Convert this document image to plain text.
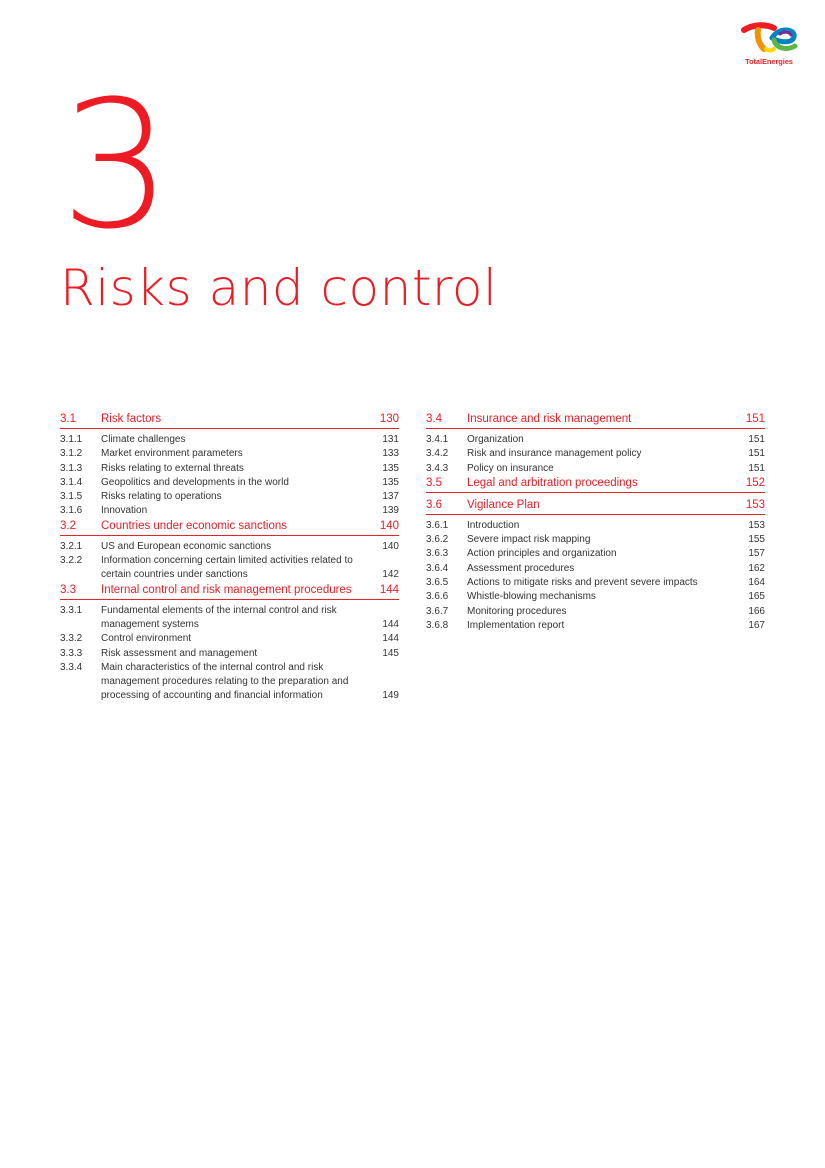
TotalEnergies
3
Risks and control
3.1 Risk factors	130
3.1.1 Climate challenges	131
3.1.2 Market environment parameters	133
3.1.3 Risks relating to external threats	135
3.1.4 Geopolitics and developments in the world	135
3.1.5 Risks relating to operations	137
3.1.6 Innovation	139
3.2 Countries under economic sanctions	140
3.2.1 US and European economic sanctions	140
3.2.2 Information concerning certain limited activities related to certain countries under sanctions	142
3.3 Internal control and risk management procedures	144
3.3.1 Fundamental elements of the internal control and risk management systems	144
3.3.2 Control environment	144
3.3.3 Risk assessment and management	145
3.3.4 Main characteristics of the internal control and risk management procedures relating to the preparation and processing of accounting and financial information	149
3.4 Insurance and risk management	151
3.4.1 Organization	151
3.4.2 Risk and insurance management policy	151
3.4.3 Policy on insurance	151
3.5 Legal and arbitration proceedings	152
3.6 Vigilance Plan	153
3.6.1 Introduction	153
3.6.2 Severe impact risk mapping	155
3.6.3 Action principles and organization	157
3.6.4 Assessment procedures	162
3.6.5 Actions to mitigate risks and prevent severe impacts	164
3.6.6 Whistle-blowing mechanisms	165
3.6.7 Monitoring procedures	166
3.6.8 Implementation report	167
